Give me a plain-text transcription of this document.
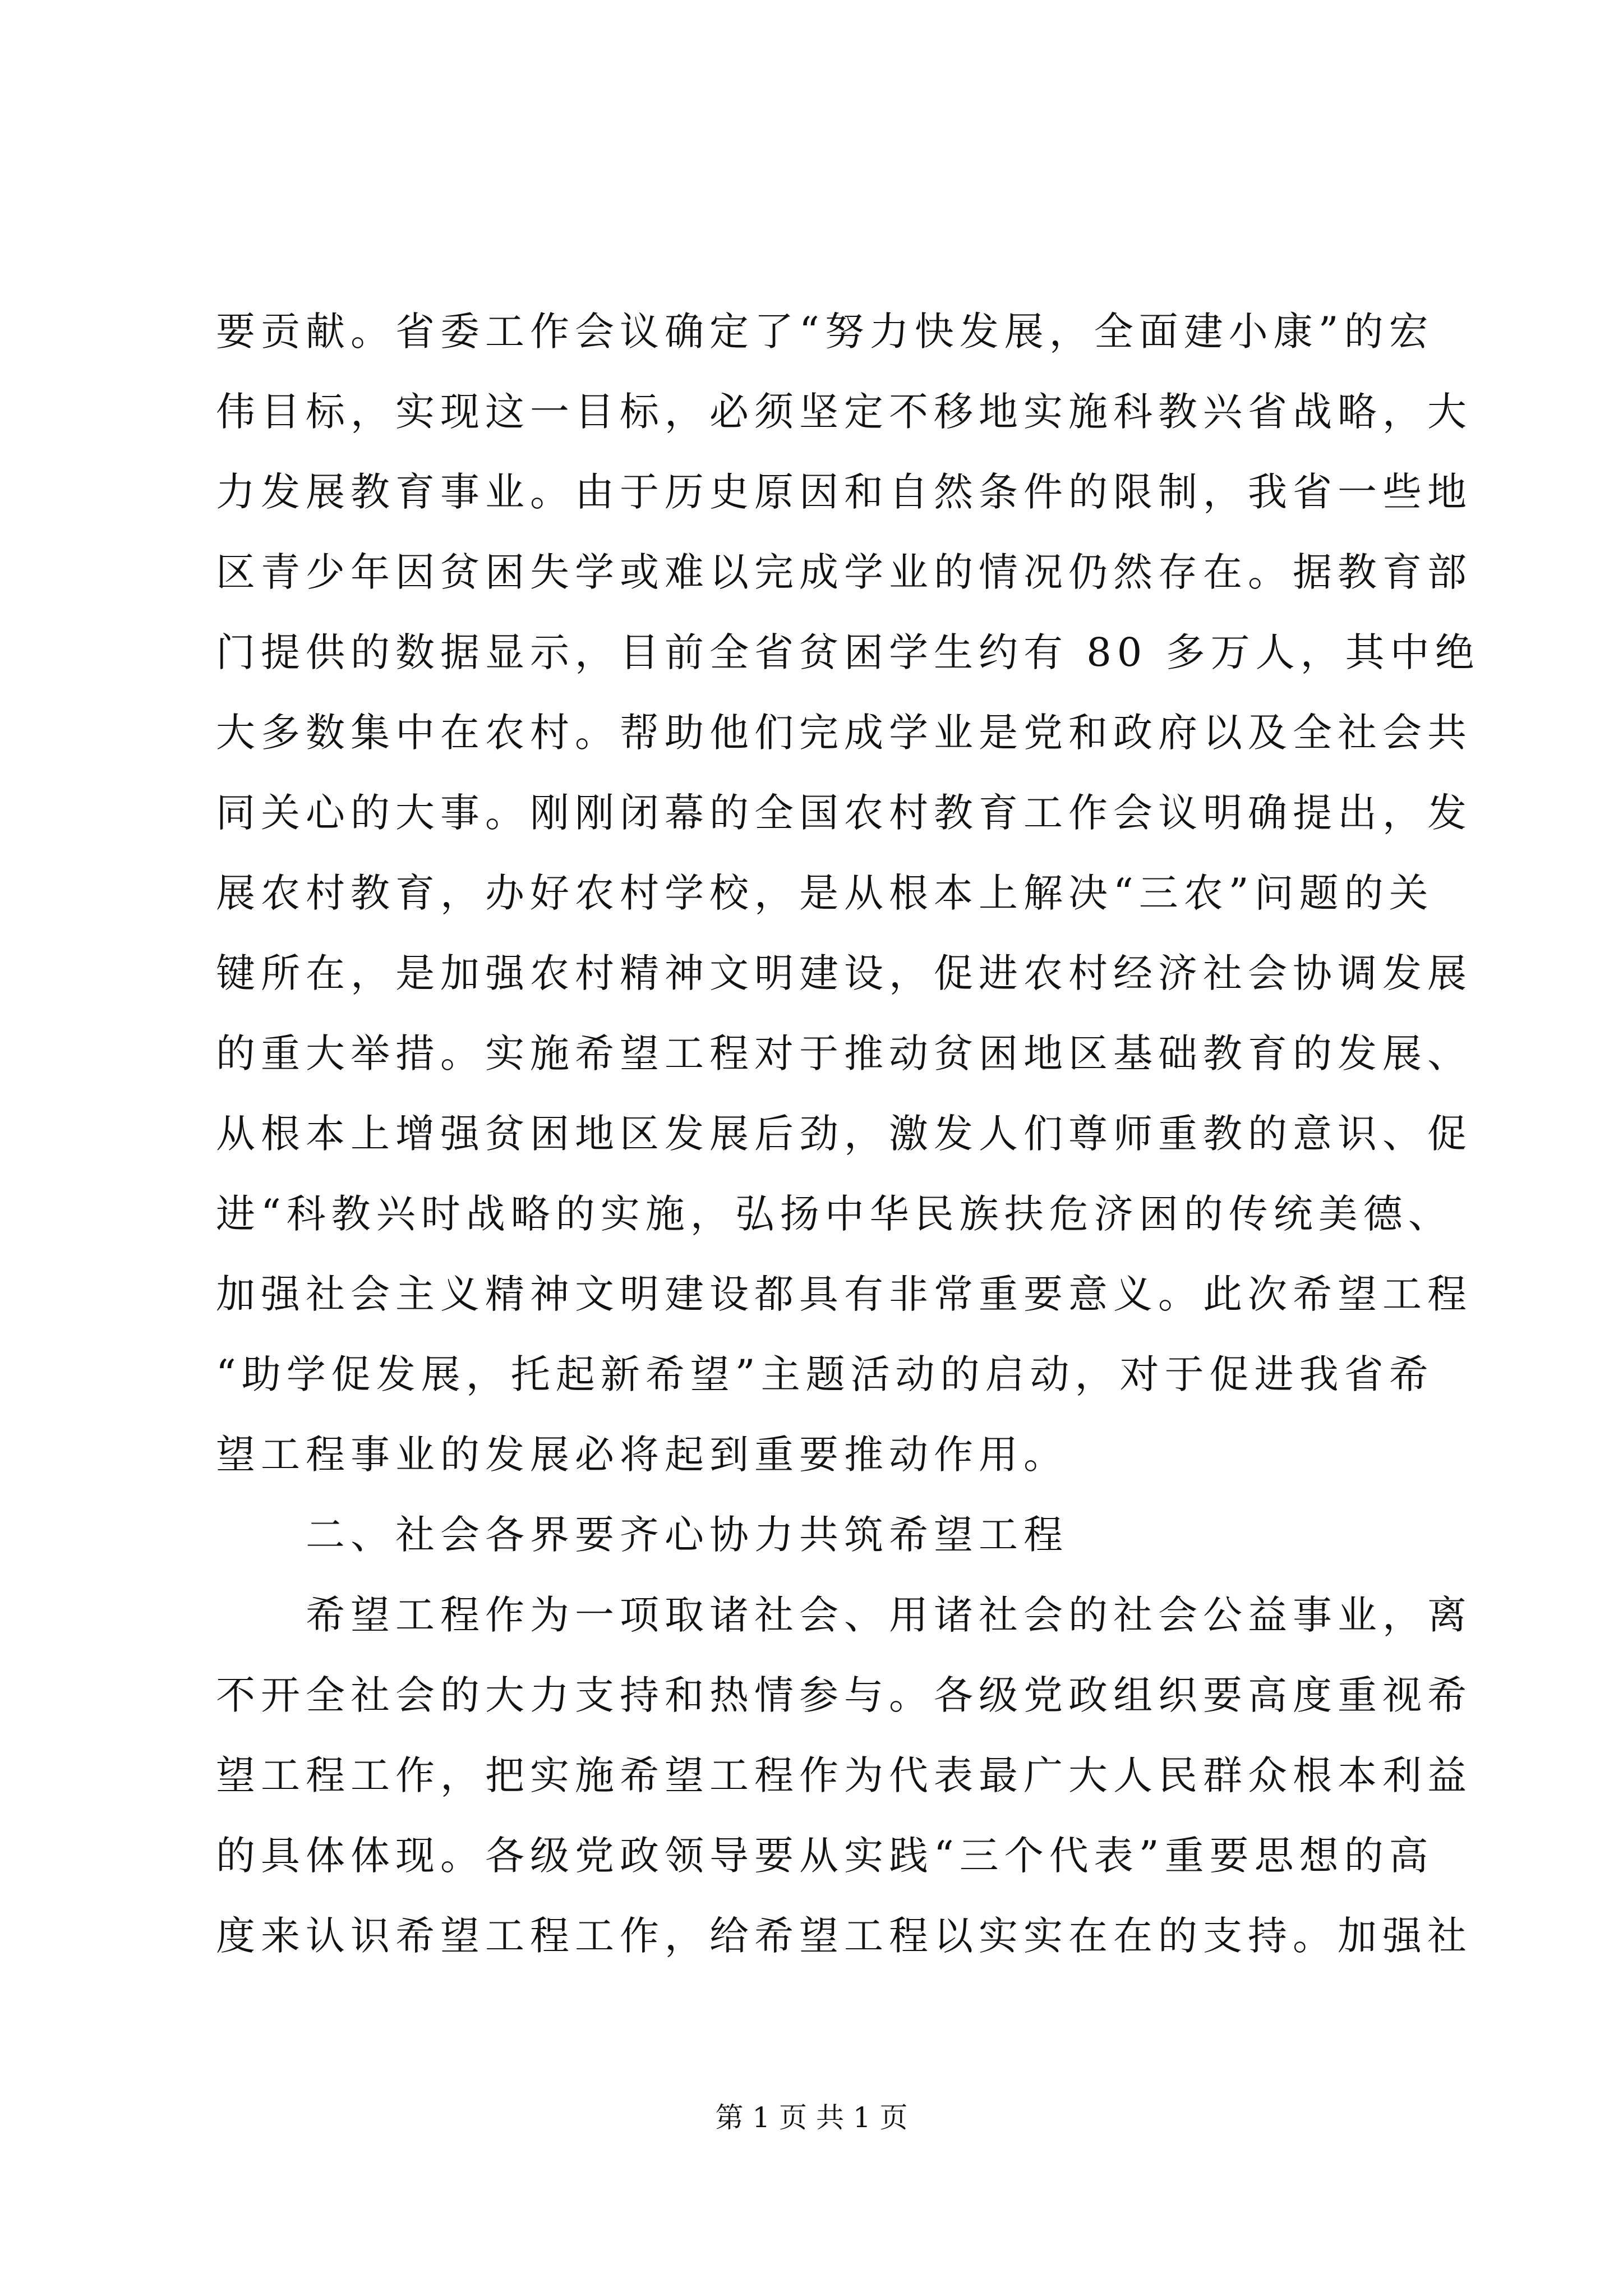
要贡献。省委工作会议确定了“努力快发展，全面建小康”的宏
伟目标，实现这一目标，必须坚定不移地实施科教兴省战略，大
力发展教育事业。由于历史原因和自然条件的限制，我省一些地
区青少年因贫困失学或难以完成学业的情况仍然存在。据教育部
门提供的数据显示，目前全省贫困学生约有 80 多万人，其中绝
大多数集中在农村。帮助他们完成学业是党和政府以及全社会共
同关心的大事。刚刚闭幕的全国农村教育工作会议明确提出，发
展农村教育，办好农村学校，是从根本上解决“三农”问题的关
键所在，是加强农村精神文明建设，促进农村经济社会协调发展
的重大举措。实施希望工程对于推动贫困地区基础教育的发展、
从根本上增强贫困地区发展后劲，激发人们尊师重教的意识、促
进“科教兴时战略的实施，弘扬中华民族扶危济困的传统美德、
加强社会主义精神文明建设都具有非常重要意义。此次希望工程
“助学促发展，托起新希望”主题活动的启动，对于促进我省希
望工程事业的发展必将起到重要推动作用。
二、社会各界要齐心协力共筑希望工程
希望工程作为一项取诸社会、用诸社会的社会公益事业，离
不开全社会的大力支持和热情参与。各级党政组织要高度重视希
望工程工作，把实施希望工程作为代表最广大人民群众根本利益
的具体体现。各级党政领导要从实践“三个代表”重要思想的高
度来认识希望工程工作，给希望工程以实实在在的支持。加强社
第 1 页 共 1 页
